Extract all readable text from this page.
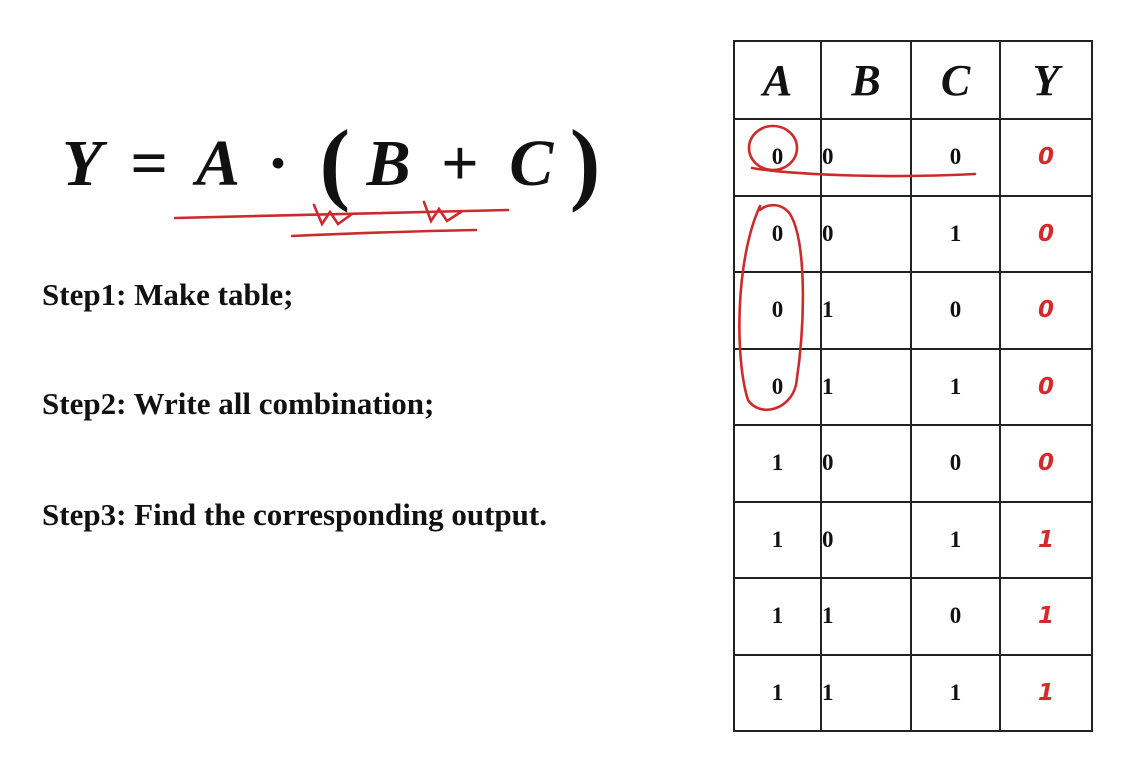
Y = A · ( B + C )
Step1: Make table;
Step2: Write all combination;
Step3: Find the corresponding output.
A	B	C	Y
0	0	0	0
0	0	1	0
0	1	0	0
0	1	1	0
1	0	0	0
1	0	1	1
1	1	0	1
1	1	1	1
